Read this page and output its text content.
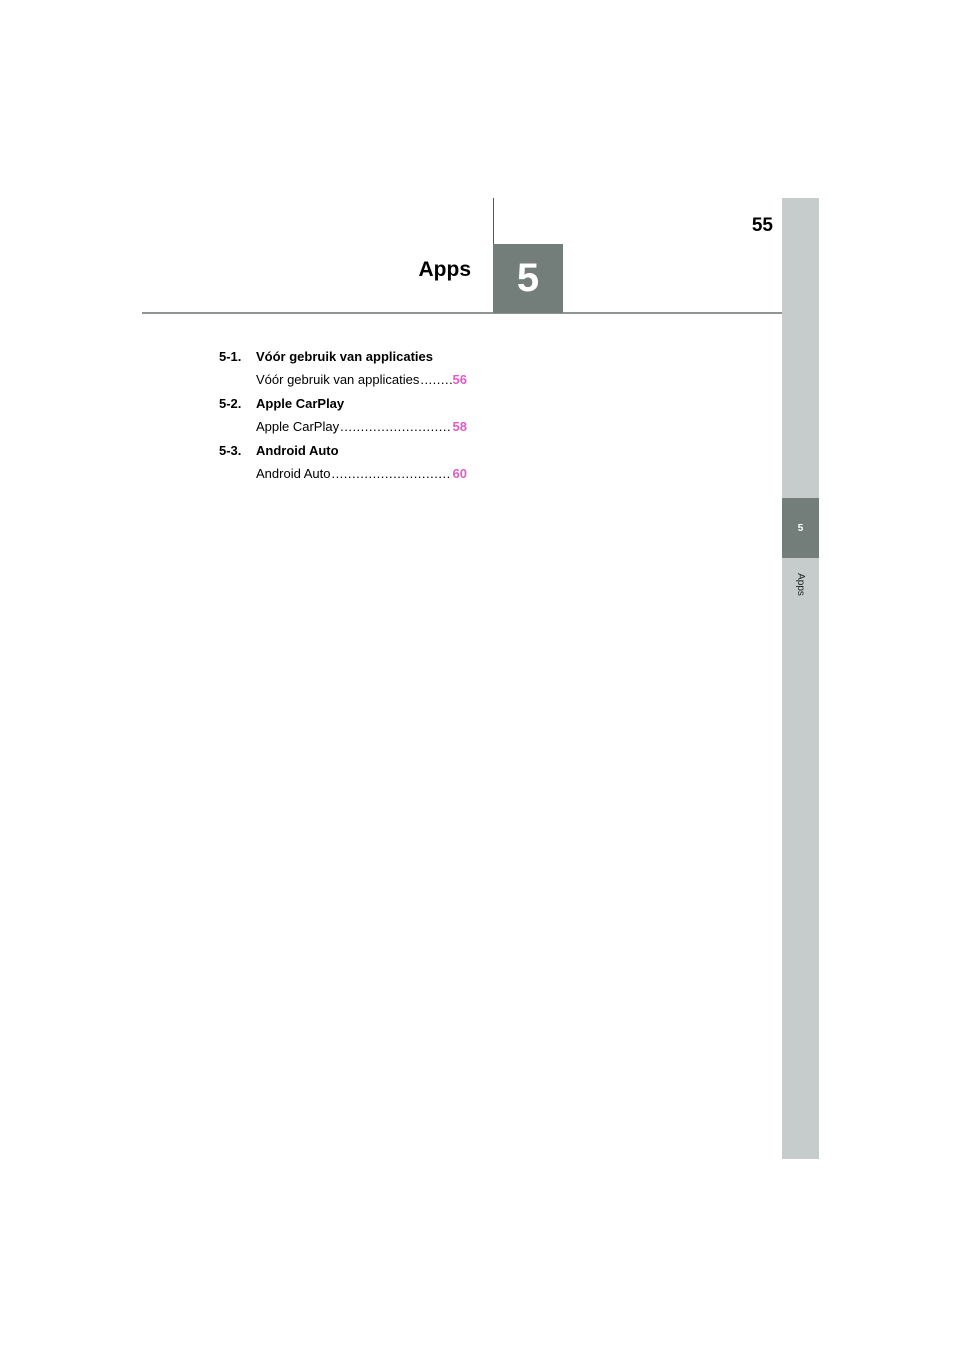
55
Apps 5
5-1. Vóór gebruik van applicaties
Vóór gebruik van applicaties .....	56
5-2. Apple CarPlay
Apple CarPlay .....	58
5-3. Android Auto
Android Auto .....	60
5
Apps
